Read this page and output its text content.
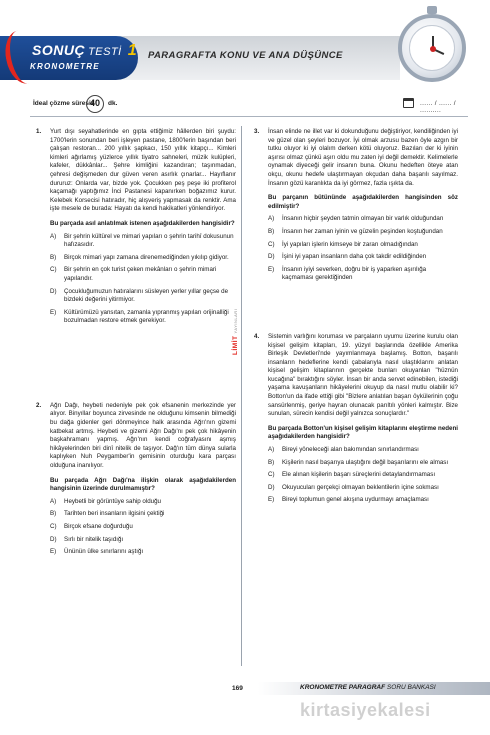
SONUÇ TESTİ 1
KRONOMETRE
PARAGRAFTA KONU VE ANA DÜŞÜNCE
İdeal çözme süresiz
40	dk.	...... / ...... / ..........
1. Yurt dışı seyahatlerinde en gıpta ettiğimiz hâllerden biri şuydu: 1700'lerin sonundan beri işleyen pastane, 1800'lerin başından beri çalışan restoran... 200 yıllık şapkacı, 150 yıllık kitapçı... Kimleri kimleri ağırlamış yüzlerce yıllık tiyatro sahneleri, müzik kulüpleri, kafeler, dükkânlar... Şehre kimliğini kazandıran; taşınmadan, çehresi değişmeden dur güven veren asırlık çınarlar... Hayıflanır dururuz: Onlarda var, bizde yok. Çocukken peş peşe iki profiterol kaçamağı yaptığımız İnci Pastanesi kapanırken boğazımız kurur. Kelebek Korsecisi hatıradır, hiç alışveriş yapmasak da renktir. Ama işte mesele de burada: Hayatı da kendi hakikatleri yönlendiriyor.

Bu parçada asıl anlatılmak istenen aşağıdakilerden hangisidir?

A) Bir şehrin kültürel ve mimari yapıları o şehrin tarihî dokusunun hafızasıdır.
B) Birçok mimari yapı zamana direnemediğinden yıkılıp gidiyor.
C) Bir şehrin en çok turist çeken mekânları o şehrin mimari yapılarıdır.
D) Çocukluğumuzun hatıralarını süsleyen yerler yıllar geçse de bizdeki değerini yitirmiyor.
E) Kültürümüzü yansıtan, zamanla yıpranmış yapıları orijinalliği bozulmadan restore etmek gerekiyor.
2. Ağrı Dağı, heybeti nedeniyle pek çok efsanenin merkezinde yer alıyor. Binyıllar boyunca zirvesinde ne olduğunu kimsenin bilmediği bu dağa gidenler geri dönmeyince halk arasında Ağrı'nın gizemi katbekat artmış. Heybeti ve gizemi Ağrı Dağı'nı pek çok hikâyenin başkahramanı yapmış. Ağrı'nın kendi coğrafyasını aşmış hikâyelerinden biri dinî nitelik de taşıyor. Dağ'ın tüm dünya sularla kaplıyken Nuh Peygamber'in gemisinin oturduğu kara parçası olduğuna inanılıyor.

Bu parçada Ağrı Dağı'na ilişkin olarak aşağıdakilerden hangisinin üzerinde durulmamıştır?

A) Heybetli bir görüntüye sahip olduğu
B) Tarihten beri insanların ilgisini çektiği
C) Birçok efsane doğurduğu
D) Sırlı bir nitelik taşıdığı
E) Ününün ülke sınırlarını aştığı
LİMİTYAYINLARI
3. İnsan elinde ne illet var ki dokunduğunu değiştiriyor, kendiliğinden iyi ve güzel olan şeyleri bozuyor. İyi olmak arzusu bazen öyle azgın bir tutku oluyor ki iyi olalım derken kötü oluyoruz. Bazıları der ki iyinin aşırısı olmaz çünkü aşırı oldu mu zaten iyi değil demektir. Kelimelerle oynamak diyeceği gelir insanın buna. Okunu hedeften öteye atan okçu, okunu hedefe ulaştırmayan okçudan daha başarılı sayılmaz. İnsanın gözü karanlıkta da iyi görmez, fazla ışıkta da.

Bu parçanın bütününde aşağıdakilerden hangisinden söz edilmiştir?

A) İnsanın hiçbir şeyden tatmin olmayan bir varlık olduğundan
B) İnsanın her zaman iyinin ve güzelin peşinden koştuğundan
C) İyi yapıları işlerin kimseye bir zararı olmadığından
D) İşini iyi yapan insanların daha çok takdir edildiğinden
E) İnsanın iyiyi severken, doğru bir iş yaparken aşırılığa kaçmaması gerektiğinden
4. Sistemin varlığını koruması ve parçaların uyumu üzerine kurulu olan kişisel gelişim kitapları, 19. yüzyıl başlarında özellikle Amerika Birleşik Devletleri'nde yayımlanmaya başlamış. Botton, başarılı insanların hedeflerine kendi çabalarıyla nasıl ulaştıklarını anlatan kişisel gelişim kitaplarının gerçekte bunları okuyanları "hüznün kucağına" bıraktığını söyler. İnsan bir anda servet edinebilen, istediği yaşama kavuşanların hikâyelerini okuyup da nasıl mutlu olabilir ki? Botton'un da ifade ettiği gibi "Bizlere anlatılan başarı öykülerinin çoğu sansürlenmiş, geriye hayran olunacak parıltılı yönleri kalmıştır. Bize sunulan, sürecin kendisi değil yalnızca sonuçlardır."

Bu parçada Botton'un kişisel gelişim kitaplarını eleştirme nedeni aşağıdakilerden hangisidir?

A) Bireyi yöneleceği alan bakımından sınırlandırması
B) Kişilerin nasıl başarıya ulaştığını değil başarılarını ele alması
C) Ele alınan kişilerin başarı süreçlerini detaylandırmaması
D) Okuyucuları gerçekçi olmayan beklentilerin içine sokması
E) Bireyi toplumun genel akışına uydurmayı amaçlaması
169	KRONOMETRE PARAGRAF SORU BANKASI
kirtasiyekalesi
